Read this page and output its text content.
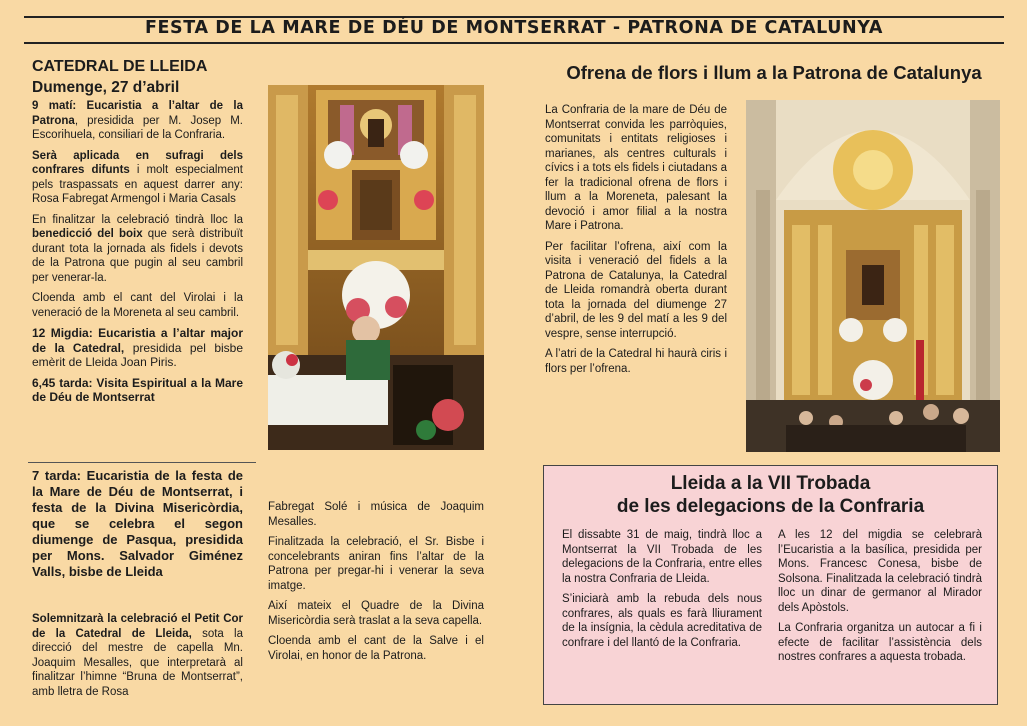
FESTA DE LA MARE DE DÉU DE MONTSERRAT - PATRONA DE CATALUNYA
CATEDRAL DE LLEIDA
Dumenge, 27 d’abril

9 matí: Eucaristia a l’altar de la Patrona, presidida per M. Josep M. Escorihuela, consiliari de la Confraria.

Serà aplicada en sufragi dels confrares difunts i molt especialment pels traspassats en aquest darrer any: Rosa Fabregat Armengol i Maria Casals

En finalitzar la celebració tindrà lloc la benedicció del boix que serà distribuït durant tota la jornada als fidels i devots de la Patrona que pugin al seu cambril per venerar-la.

Cloenda amb el cant del Virolai i la veneració de la Moreneta al seu cambril.

12 Migdia: Eucaristia a l’altar major de la Catedral, presidida pel bisbe emèrit de Lleida Joan Piris.

6,45 tarda: Visita Espiritual a la Mare de Déu de Montserrat

7 tarda: Eucaristia de la festa de la Mare de Déu de Montserrat, i festa de la Divina Misericòrdia, que se celebra el segon diumenge de Pasqua, presidida per Mons. Salvador Giménez Valls, bisbe de Lleida
Solemnitzarà la celebració el Petit Cor de la Catedral de Lleida, sota la direcció del mestre de capella Mn. Joaquim Mesalles, que interpretarà al finalitzar l’himne “Bruna de Montserrat”, amb lletra de Rosa

Fabregat Solé i música de Joaquim Mesalles.

Finalitzada la celebració, el Sr. Bisbe i concelebrants aniran fins l’altar de la Patrona per pregar-hi i venerar la seva imatge.

Així mateix el Quadre de la Divina Misericòrdia serà traslat a la seva capella.

Cloenda amb el cant de la Salve i el Virolai, en honor de la Patrona.

Ofrena de flors i llum a la Patrona de Catalunya

La Confraria de la mare de Déu de Montserrat convida les parròquies, comunitats i entitats religioses i marianes, als centres culturals i cívics i a tots els fidels i ciutadans a fer la tradicional ofrena de flors i llum a la Moreneta, palesant la devoció i amor filial a la nostra Mare i Patrona.

Per facilitar l’ofrena, així com la visita i veneració del fidels a la Patrona de Catalunya, la Catedral de Lleida romandrà oberta durant tota la jornada del diumenge 27 d’abril, de les 9 del matí a les 9 del vespre, sense interrupció.

A l’atri de la Catedral hi haurà ciris i flors per l’ofrena.

Lleida a la VII Trobada
de les delegacions de la Confraria

El dissabte 31 de maig, tindrà lloc a Montserrat la VII Trobada de les delegacions de la Confraria, entre elles la nostra Confraria de Lleida.

S’iniciarà amb la rebuda dels nous confrares, als quals es farà lliurament de la insígnia, la cèdula acreditativa de confrare i del llantó de la Confraria.

A les 12 del migdia se celebrarà l’Eucaristia a la basílica, presidida per Mons. Francesc Conesa, bisbe de Solsona. Finalitzada la celebració tindrà lloc un dinar de germanor al Mirador dels Apòstols.

La Confraria organitza un autocar a fi i efecte de facilitar l’assistència dels nostres confrares a aquesta trobada.
